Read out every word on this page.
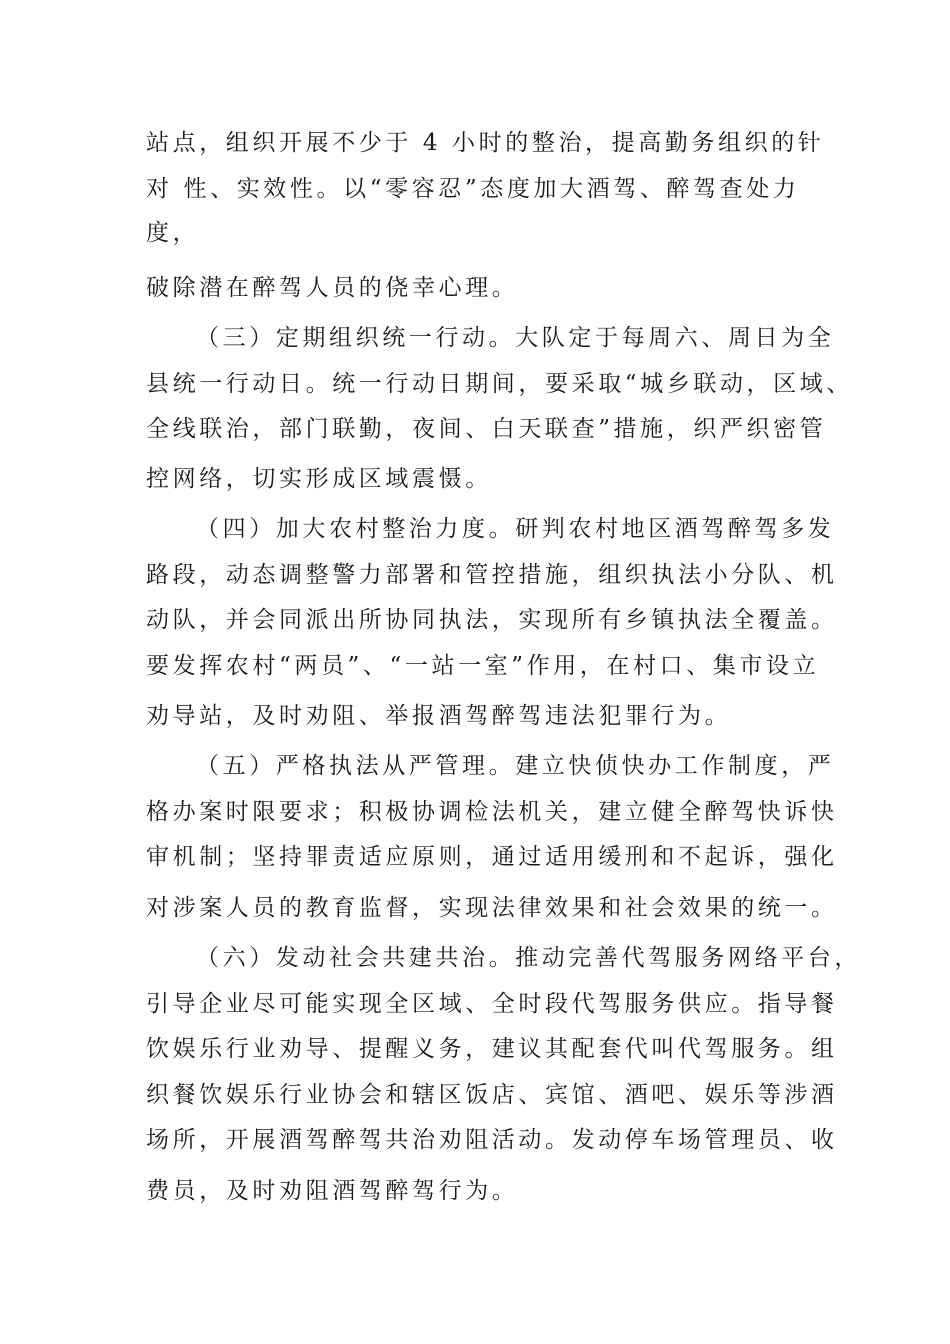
站点，组织开展不少于 4 小时的整治，提高勤务组织的针
对 性、实效性。以“零容忍”态度加大酒驾、醉驾查处力
度，
破除潜在醉驾人员的侥幸心理。
（三）定期组织统一行动。大队定于每周六、周日为全
县统一行动日。统一行动日期间，要采取“城乡联动，区域、
全线联治，部门联勤，夜间、白天联查”措施，织严织密管
控网络，切实形成区域震慑。
（四）加大农村整治力度。研判农村地区酒驾醉驾多发
路段，动态调整警力部署和管控措施，组织执法小分队、机
动队，并会同派出所协同执法，实现所有乡镇执法全覆盖。
要发挥农村“两员”、“一站一室”作用，在村口、集市设立
劝导站，及时劝阻、举报酒驾醉驾违法犯罪行为。
（五）严格执法从严管理。建立快侦快办工作制度，严
格办案时限要求；积极协调检法机关，建立健全醉驾快诉快
审机制；坚持罪责适应原则，通过适用缓刑和不起诉，强化
对涉案人员的教育监督，实现法律效果和社会效果的统一。
（六）发动社会共建共治。推动完善代驾服务网络平台，
引导企业尽可能实现全区域、全时段代驾服务供应。指导餐
饮娱乐行业劝导、提醒义务，建议其配套代叫代驾服务。组
织餐饮娱乐行业协会和辖区饭店、宾馆、酒吧、娱乐等涉酒
场所，开展酒驾醉驾共治劝阻活动。发动停车场管理员、收
费员，及时劝阻酒驾醉驾行为。
